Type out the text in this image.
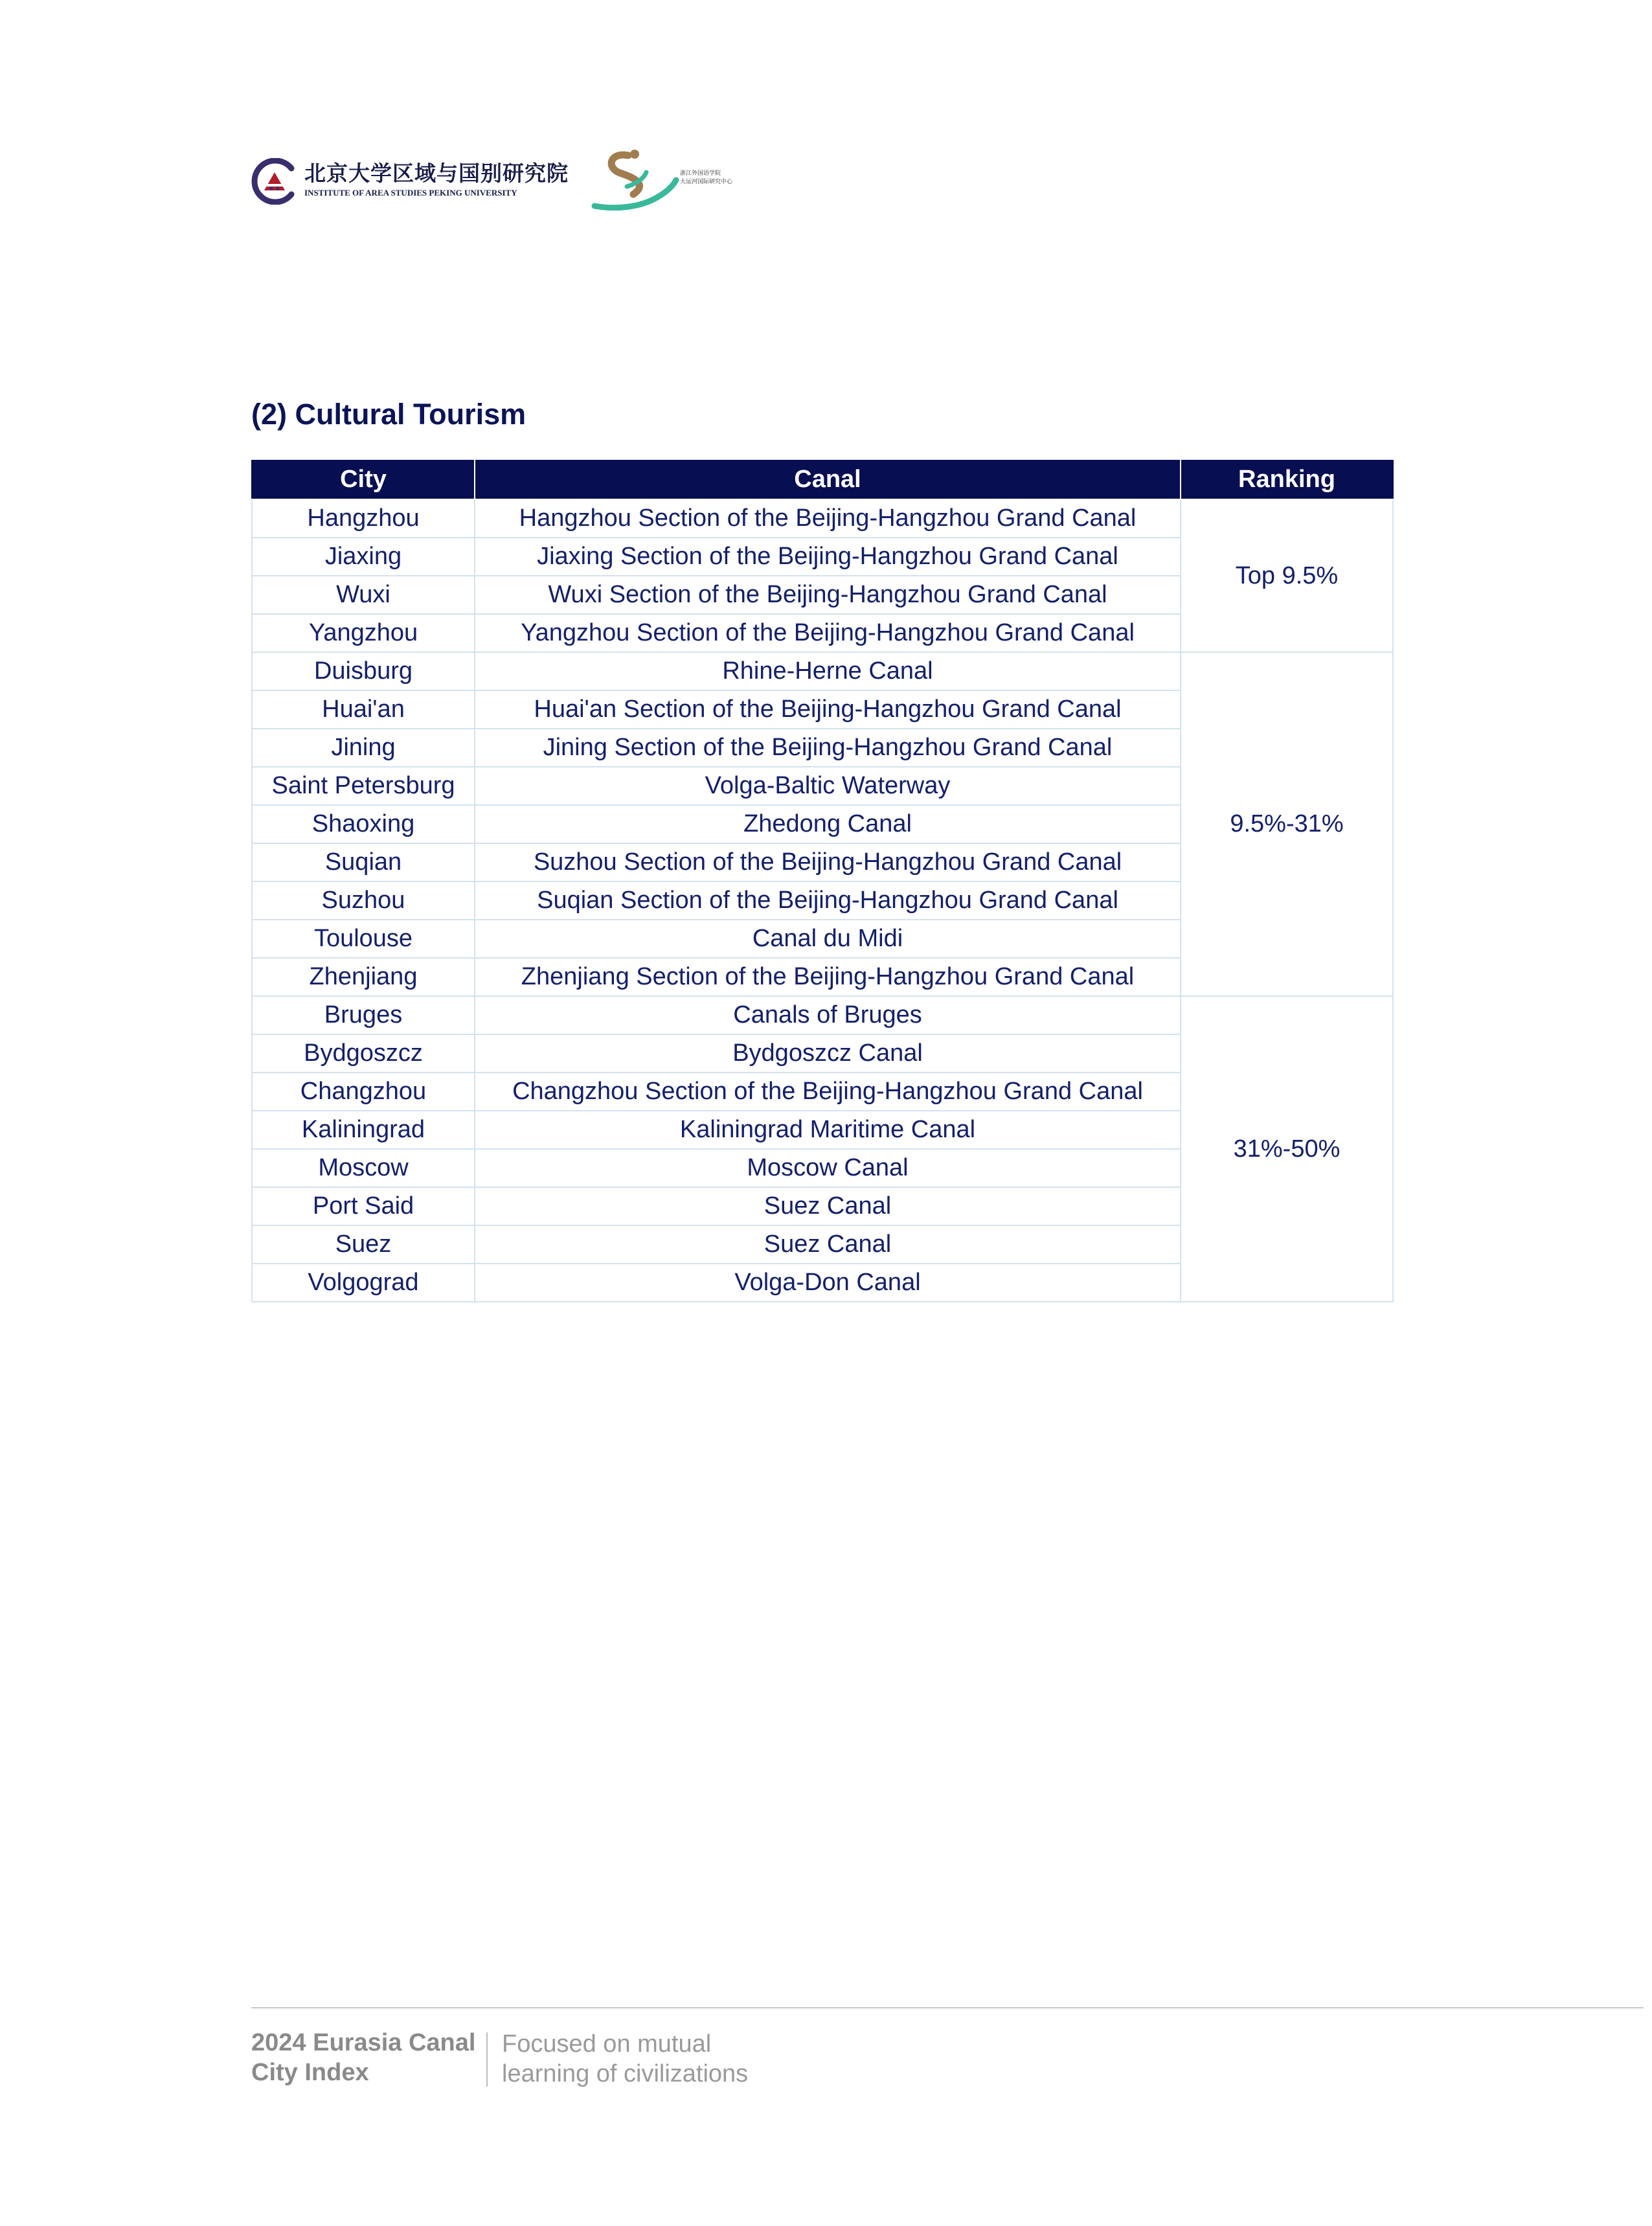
北京大学区域与国别研究院
INSTITUTE OF AREA STUDIES PEKING UNIVERSITY
浙江外国语学院
大运河国际研究中心
(2) Cultural Tourism
City	Canal	Ranking
Hangzhou	Hangzhou Section of the Beijing-Hangzhou Grand Canal	Top 9.5%
Jiaxing	Jiaxing Section of the Beijing-Hangzhou Grand Canal	
Wuxi	Wuxi Section of the Beijing-Hangzhou Grand Canal	
Yangzhou	Yangzhou Section of the Beijing-Hangzhou Grand Canal	
Duisburg	Rhine-Herne Canal	9.5%-31%
Huai'an	Huai'an Section of the Beijing-Hangzhou Grand Canal	
Jining	Jining Section of the Beijing-Hangzhou Grand Canal	
Saint Petersburg	Volga-Baltic Waterway	
Shaoxing	Zhedong Canal	
Suqian	Suzhou Section of the Beijing-Hangzhou Grand Canal	
Suzhou	Suqian Section of the Beijing-Hangzhou Grand Canal	
Toulouse	Canal du Midi	
Zhenjiang	Zhenjiang Section of the Beijing-Hangzhou Grand Canal	
Bruges	Canals of Bruges	31%-50%
Bydgoszcz	Bydgoszcz Canal	
Changzhou	Changzhou Section of the Beijing-Hangzhou Grand Canal	
Kaliningrad	Kaliningrad Maritime Canal	
Moscow	Moscow Canal	
Port Said	Suez Canal	
Suez	Suez Canal	
Volgograd	Volga-Don Canal	
2024 Eurasia Canal
City Index
Focused on mutual
learning of civilizations
